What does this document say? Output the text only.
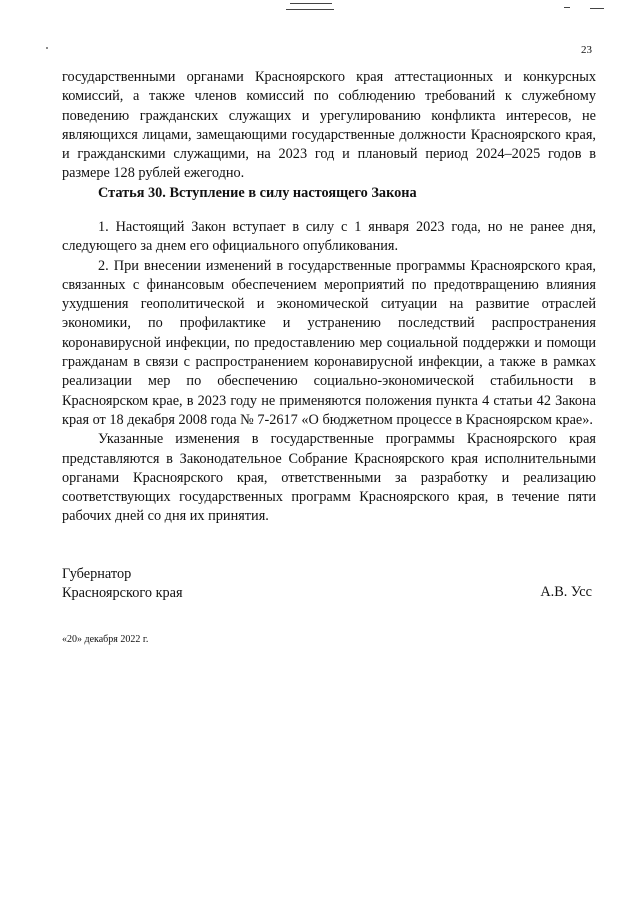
23

государственными органами Красноярского края аттестационных и конкурсных комиссий, а также членов комиссий по соблюдению требований к служебному поведению гражданских служащих и урегулированию конфликта интересов, не являющихся лицами, замещающими государственные должности Красноярского края, и гражданскими служащими, на 2023 год и плановый период 2024–2025 годов в размере 128 рублей ежегодно.

Статья 30. Вступление в силу настоящего Закона

1. Настоящий Закон вступает в силу с 1 января 2023 года, но не ранее дня, следующего за днем его официального опубликования.

2. При внесении изменений в государственные программы Красноярского края, связанных с финансовым обеспечением мероприятий по предотвращению влияния ухудшения геополитической и экономической ситуации на развитие отраслей экономики, по профилактике и устранению последствий распространения коронавирусной инфекции, по предоставлению мер социальной поддержки и помощи гражданам в связи с распространением коронавирусной инфекции, а также в рамках реализации мер по обеспечению социально-экономической стабильности в Красноярском крае, в 2023 году не применяются положения пункта 4 статьи 42 Закона края от 18 декабря 2008 года № 7-2617 «О бюджетном процессе в Красноярском крае».

Указанные изменения в государственные программы Красноярского края представляются в Законодательное Собрание Красноярского края исполнительными органами Красноярского края, ответственными за разработку и реализацию соответствующих государственных программ Красноярского края, в течение пяти рабочих дней со дня их принятия.

Губернатор
Красноярского края	А.В. Усс
«20» декабря 2022 г.
